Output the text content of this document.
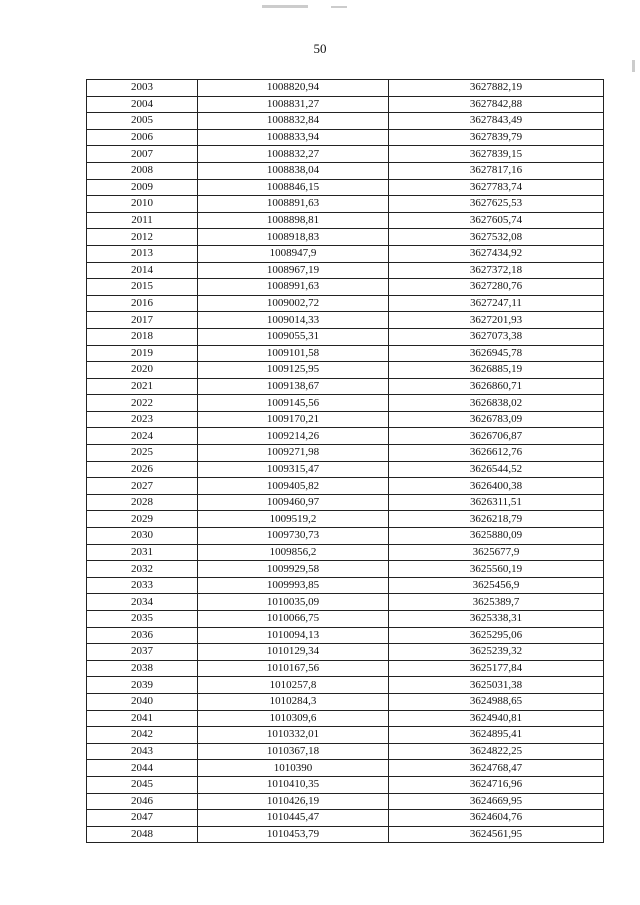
50
2003	1008820,94	3627882,19
2004	1008831,27	3627842,88
2005	1008832,84	3627843,49
2006	1008833,94	3627839,79
2007	1008832,27	3627839,15
2008	1008838,04	3627817,16
2009	1008846,15	3627783,74
2010	1008891,63	3627625,53
2011	1008898,81	3627605,74
2012	1008918,83	3627532,08
2013	1008947,9	3627434,92
2014	1008967,19	3627372,18
2015	1008991,63	3627280,76
2016	1009002,72	3627247,11
2017	1009014,33	3627201,93
2018	1009055,31	3627073,38
2019	1009101,58	3626945,78
2020	1009125,95	3626885,19
2021	1009138,67	3626860,71
2022	1009145,56	3626838,02
2023	1009170,21	3626783,09
2024	1009214,26	3626706,87
2025	1009271,98	3626612,76
2026	1009315,47	3626544,52
2027	1009405,82	3626400,38
2028	1009460,97	3626311,51
2029	1009519,2	3626218,79
2030	1009730,73	3625880,09
2031	1009856,2	3625677,9
2032	1009929,58	3625560,19
2033	1009993,85	3625456,9
2034	1010035,09	3625389,7
2035	1010066,75	3625338,31
2036	1010094,13	3625295,06
2037	1010129,34	3625239,32
2038	1010167,56	3625177,84
2039	1010257,8	3625031,38
2040	1010284,3	3624988,65
2041	1010309,6	3624940,81
2042	1010332,01	3624895,41
2043	1010367,18	3624822,25
2044	1010390	3624768,47
2045	1010410,35	3624716,96
2046	1010426,19	3624669,95
2047	1010445,47	3624604,76
2048	1010453,79	3624561,95
